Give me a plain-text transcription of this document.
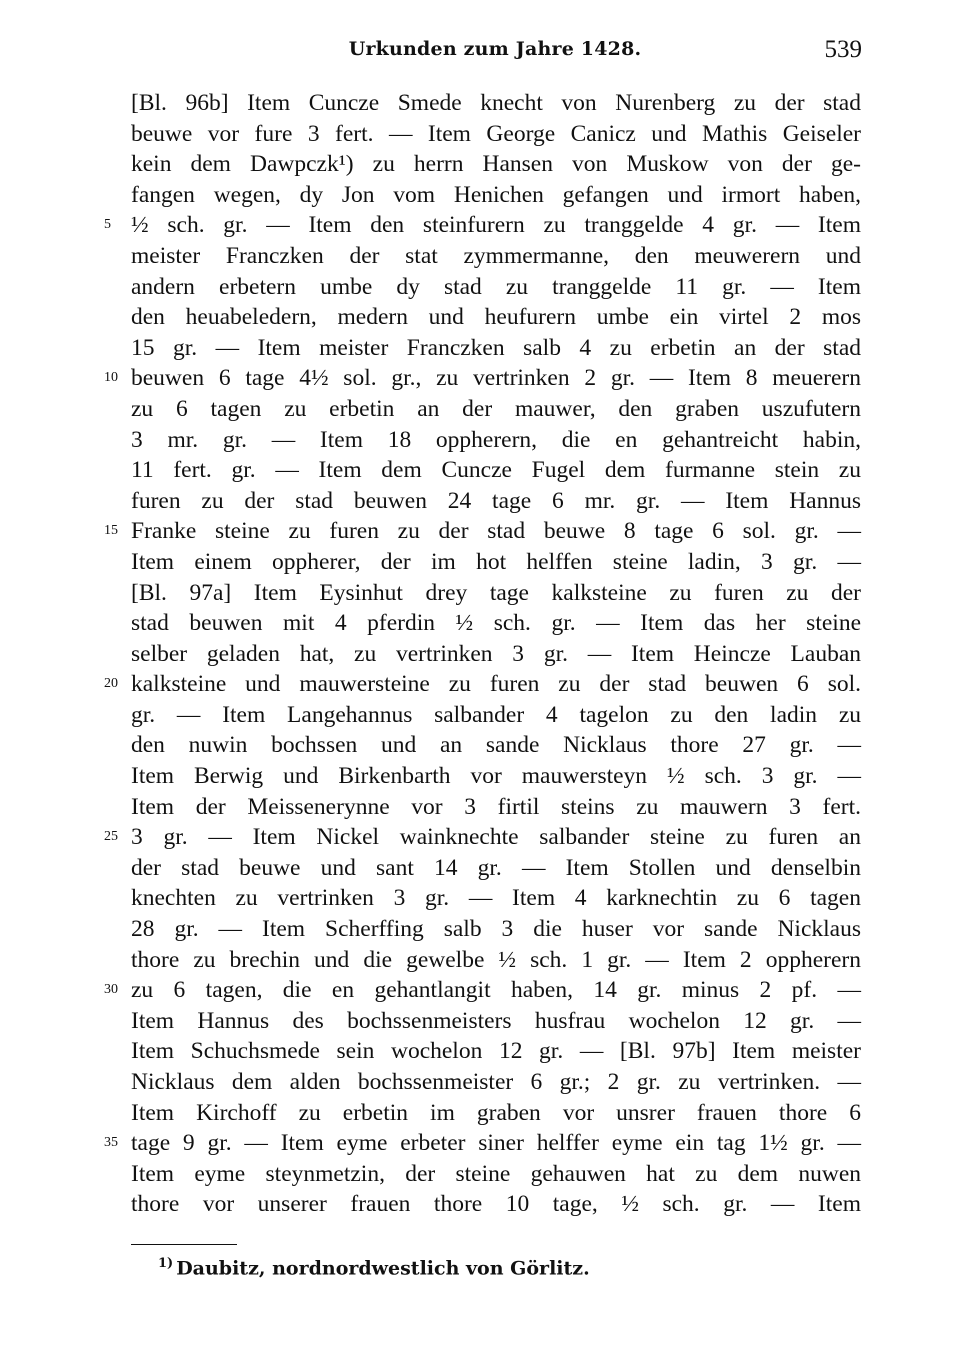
Urkunden zum Jahre 1428.	539
[Bl. 96b] Item Cuncze Smede knecht von Nurenberg zu der stad
beuwe vor fure 3 fert. — Item George Canicz und Mathis Geiseler
kein dem Dawpczk¹) zu herrn Hansen von Muskow von der ge-
fangen wegen, dy Jon vom Henichen gefangen und irmort haben,
5 ½ sch. gr. — Item den steinfurern zu tranggelde 4 gr. — Item
meister Franczken der stat zymmermanne, den meuwerern und
andern erbetern umbe dy stad zu tranggelde 11 gr. — Item
den heuabeledern, medern und heufurern umbe ein virtel 2 mos
15 gr. — Item meister Franczken salb 4 zu erbetin an der stad
10 beuwen 6 tage 4½ sol. gr., zu vertrinken 2 gr. — Item 8 meuerern
zu 6 tagen zu erbetin an der mauwer, den graben uszufutern
3 mr. gr. — Item 18 oppherern, die en gehantreicht habin,
11 fert. gr. — Item dem Cuncze Fugel dem furmanne stein zu
furen zu der stad beuwen 24 tage 6 mr. gr. — Item Hannus
15 Franke steine zu furen zu der stad beuwe 8 tage 6 sol. gr. —
Item einem oppherer, der im hot helffen steine ladin, 3 gr. —
[Bl. 97a] Item Eysinhut drey tage kalksteine zu furen zu der
stad beuwen mit 4 pferdin ½ sch. gr. — Item das her steine
selber geladen hat, zu vertrinken 3 gr. — Item Heincze Lauban
20 kalksteine und mauwersteine zu furen zu der stad beuwen 6 sol.
gr. — Item Langehannus salbander 4 tagelon zu den ladin zu
den nuwin bochssen und an sande Nicklaus thore 27 gr. —
Item Berwig und Birkenbarth vor mauwersteyn ½ sch. 3 gr. —
Item der Meissenerynne vor 3 firtil steins zu mauwern 3 fert.
25 3 gr. — Item Nickel wainknechte salbander steine zu furen an
der stad beuwe und sant 14 gr. — Item Stollen und denselbin
knechten zu vertrinken 3 gr. — Item 4 karknechtin zu 6 tagen
28 gr. — Item Scherffing salb 3 die huser vor sande Nicklaus
thore zu brechin und die gewelbe ½ sch. 1 gr. — Item 2 oppherern
30 zu 6 tagen, die en gehantlangit haben, 14 gr. minus 2 pf. —
Item Hannus des bochssenmeisters husfrau wochelon 12 gr. —
Item Schuchsmede sein wochelon 12 gr. — [Bl. 97b] Item meister
Nicklaus dem alden bochssenmeister 6 gr.; 2 gr. zu vertrinken. —
Item Kirchoff zu erbetin im graben vor unsrer frauen thore 6
35 tage 9 gr. — Item eyme erbeter siner helffer eyme ein tag 1½ gr. —
Item eyme steynmetzin, der steine gehauwen hat zu dem nuwen
thore vor unserer frauen thore 10 tage, ½ sch. gr. — Item
$^{1)}$ Daubitz, nordnordwestlich von Görlitz.
